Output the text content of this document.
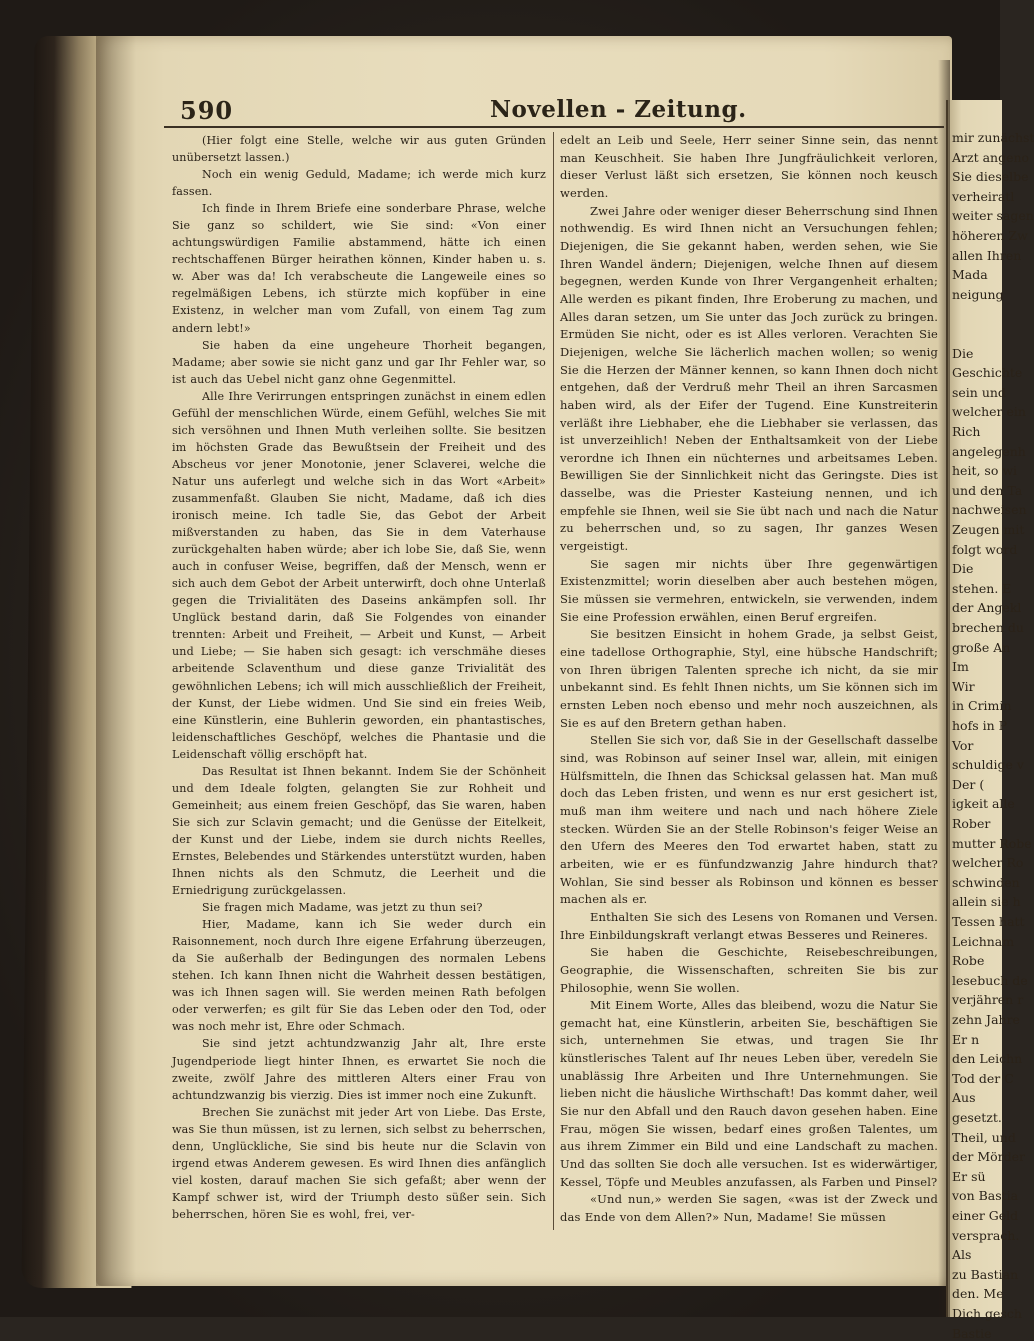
mir zunächst
Arzt angeno
Sie dieselbe
verheiratl
weiter sagen
höheren Zw
allen Ihren
Mada
neigung
Die
Geschichte
sein und
welcher ein
Rich
angelegenh
heit, so wi
und den Ta
nachweisen
Zeugen mit
folgt word
Die
stehen. E
der Angekl
brechen du
große An
Im
Wir
in Crimin
hofs in P
Vor
schuldige v
Der (
igkeit alle
Rober
mutter Robe
welcher Ro
schwinden
allein sie h
Tessen hatt
Leichnam
Robe
lesebuch de
verjähren r
zehn Jahre
Er n
den Leichn
Tod der C
Aus
gesetzt.
Theil, und
der Mörder
Er sü
von Bastia
einer Geld
versprach.
Als
zu Bastian
den. Me
Dich gesch
Bastie
590	Novellen - Zeitung.

(Hier folgt eine Stelle, welche wir aus guten Gründen unübersetzt lassen.)

Noch ein wenig Geduld, Madame; ich werde mich kurz fassen.

Ich finde in Ihrem Briefe eine sonderbare Phrase, welche Sie ganz so schildert, wie Sie sind: «Von einer achtungswürdigen Familie abstammend, hätte ich einen rechtschaffenen Bürger heirathen können, Kinder haben u. s. w. Aber was da! Ich verabscheute die Langeweile eines so regelmäßigen Lebens, ich stürzte mich kopfüber in eine Existenz, in welcher man vom Zufall, von einem Tag zum andern lebt!»

Sie haben da eine ungeheure Thorheit begangen, Madame; aber sowie sie nicht ganz und gar Ihr Fehler war, so ist auch das Uebel nicht ganz ohne Gegenmittel.

Alle Ihre Verirrungen entspringen zunächst in einem edlen Gefühl der menschlichen Würde, einem Gefühl, welches Sie mit sich versöhnen und Ihnen Muth verleihen sollte. Sie besitzen im höchsten Grade das Bewußtsein der Freiheit und des Abscheus vor jener Monotonie, jener Sclaverei, welche die Natur uns auferlegt und welche sich in das Wort «Arbeit» zusammenfaßt. Glauben Sie nicht, Madame, daß ich dies ironisch meine. Ich tadle Sie, das Gebot der Arbeit mißverstanden zu haben, das Sie in dem Vaterhause zurückgehalten haben würde; aber ich lobe Sie, daß Sie, wenn auch in confuser Weise, begriffen, daß der Mensch, wenn er sich auch dem Gebot der Arbeit unterwirft, doch ohne Unterlaß gegen die Trivialitäten des Daseins ankämpfen soll. Ihr Unglück bestand darin, daß Sie Folgendes von einander trennten: Arbeit und Freiheit, — Arbeit und Kunst, — Arbeit und Liebe; — Sie haben sich gesagt: ich verschmähe dieses arbeitende Sclaventhum und diese ganze Trivialität des gewöhnlichen Lebens; ich will mich ausschließlich der Freiheit, der Kunst, der Liebe widmen. Und Sie sind ein freies Weib, eine Künstlerin, eine Buhlerin geworden, ein phantastisches, leidenschaftliches Geschöpf, welches die Phantasie und die Leidenschaft völlig erschöpft hat.

Das Resultat ist Ihnen bekannt. Indem Sie der Schönheit und dem Ideale folgten, gelangten Sie zur Rohheit und Gemeinheit; aus einem freien Geschöpf, das Sie waren, haben Sie sich zur Sclavin gemacht; und die Genüsse der Eitelkeit, der Kunst und der Liebe, indem sie durch nichts Reelles, Ernstes, Belebendes und Stärkendes unterstützt wurden, haben Ihnen nichts als den Schmutz, die Leerheit und die Erniedrigung zurückgelassen.

Sie fragen mich Madame, was jetzt zu thun sei?

Hier, Madame, kann ich Sie weder durch ein Raisonnement, noch durch Ihre eigene Erfahrung überzeugen, da Sie außerhalb der Bedingungen des normalen Lebens stehen. Ich kann Ihnen nicht die Wahrheit dessen bestätigen, was ich Ihnen sagen will. Sie werden meinen Rath befolgen oder verwerfen; es gilt für Sie das Leben oder den Tod, oder was noch mehr ist, Ehre oder Schmach.

Sie sind jetzt achtundzwanzig Jahr alt, Ihre erste Jugendperiode liegt hinter Ihnen, es erwartet Sie noch die zweite, zwölf Jahre des mittleren Alters einer Frau von achtundzwanzig bis vierzig. Dies ist immer noch eine Zukunft.

Brechen Sie zunächst mit jeder Art von Liebe. Das Erste, was Sie thun müssen, ist zu lernen, sich selbst zu beherrschen, denn, Unglückliche, Sie sind bis heute nur die Sclavin von irgend etwas Anderem gewesen. Es wird Ihnen dies anfänglich viel kosten, darauf machen Sie sich gefaßt; aber wenn der Kampf schwer ist, wird der Triumph desto süßer sein. Sich beherrschen, hören Sie es wohl, frei, ver-

edelt an Leib und Seele, Herr seiner Sinne sein, das nennt man Keuschheit. Sie haben Ihre Jungfräulichkeit verloren, dieser Verlust läßt sich ersetzen, Sie können noch keusch werden.

Zwei Jahre oder weniger dieser Beherrschung sind Ihnen nothwendig. Es wird Ihnen nicht an Versuchungen fehlen; Diejenigen, die Sie gekannt haben, werden sehen, wie Sie Ihren Wandel ändern; Diejenigen, welche Ihnen auf diesem begegnen, werden Kunde von Ihrer Vergangenheit erhalten; Alle werden es pikant finden, Ihre Eroberung zu machen, und Alles daran setzen, um Sie unter das Joch zurück zu bringen. Ermüden Sie nicht, oder es ist Alles verloren. Verachten Sie Diejenigen, welche Sie lächerlich machen wollen; so wenig Sie die Herzen der Männer kennen, so kann Ihnen doch nicht entgehen, daß der Verdruß mehr Theil an ihren Sarcasmen haben wird, als der Eifer der Tugend. Eine Kunstreiterin verläßt ihre Liebhaber, ehe die Liebhaber sie verlassen, das ist unverzeihlich! Neben der Enthaltsamkeit von der Liebe verordne ich Ihnen ein nüchternes und arbeitsames Leben. Bewilligen Sie der Sinnlichkeit nicht das Geringste. Dies ist dasselbe, was die Priester Kasteiung nennen, und ich empfehle sie Ihnen, weil sie Sie übt nach und nach die Natur zu beherrschen und, so zu sagen, Ihr ganzes Wesen vergeistigt.

Sie sagen mir nichts über Ihre gegenwärtigen Existenzmittel; worin dieselben aber auch bestehen mögen, Sie müssen sie vermehren, entwickeln, sie verwenden, indem Sie eine Profession erwählen, einen Beruf ergreifen.

Sie besitzen Einsicht in hohem Grade, ja selbst Geist, eine tadellose Orthographie, Styl, eine hübsche Handschrift; von Ihren übrigen Talenten spreche ich nicht, da sie mir unbekannt sind. Es fehlt Ihnen nichts, um Sie können sich im ernsten Leben noch ebenso und mehr noch auszeichnen, als Sie es auf den Bretern gethan haben.

Stellen Sie sich vor, daß Sie in der Gesellschaft dasselbe sind, was Robinson auf seiner Insel war, allein, mit einigen Hülfsmitteln, die Ihnen das Schicksal gelassen hat. Man muß doch das Leben fristen, und wenn es nur erst gesichert ist, muß man ihm weitere und nach und nach höhere Ziele stecken. Würden Sie an der Stelle Robinson's feiger Weise an den Ufern des Meeres den Tod erwartet haben, statt zu arbeiten, wie er es fünfundzwanzig Jahre hindurch that? Wohlan, Sie sind besser als Robinson und können es besser machen als er.

Enthalten Sie sich des Lesens von Romanen und Versen. Ihre Einbildungskraft verlangt etwas Besseres und Reineres.

Sie haben die Geschichte, Reisebeschreibungen, Geographie, die Wissenschaften, schreiten Sie bis zur Philosophie, wenn Sie wollen.

Mit Einem Worte, Alles das bleibend, wozu die Natur Sie gemacht hat, eine Künstlerin, arbeiten Sie, beschäftigen Sie sich, unternehmen Sie etwas, und tragen Sie Ihr künstlerisches Talent auf Ihr neues Leben über, veredeln Sie unablässig Ihre Arbeiten und Ihre Unternehmungen. Sie lieben nicht die häusliche Wirthschaft! Das kommt daher, weil Sie nur den Abfall und den Rauch davon gesehen haben. Eine Frau, mögen Sie wissen, bedarf eines großen Talentes, um aus ihrem Zimmer ein Bild und eine Landschaft zu machen. Und das sollten Sie doch alle versuchen. Ist es widerwärtiger, Kessel, Töpfe und Meubles anzufassen, als Farben und Pinsel?

«Und nun,» werden Sie sagen, «was ist der Zweck und das Ende von dem Allen?» Nun, Madame! Sie müssen
